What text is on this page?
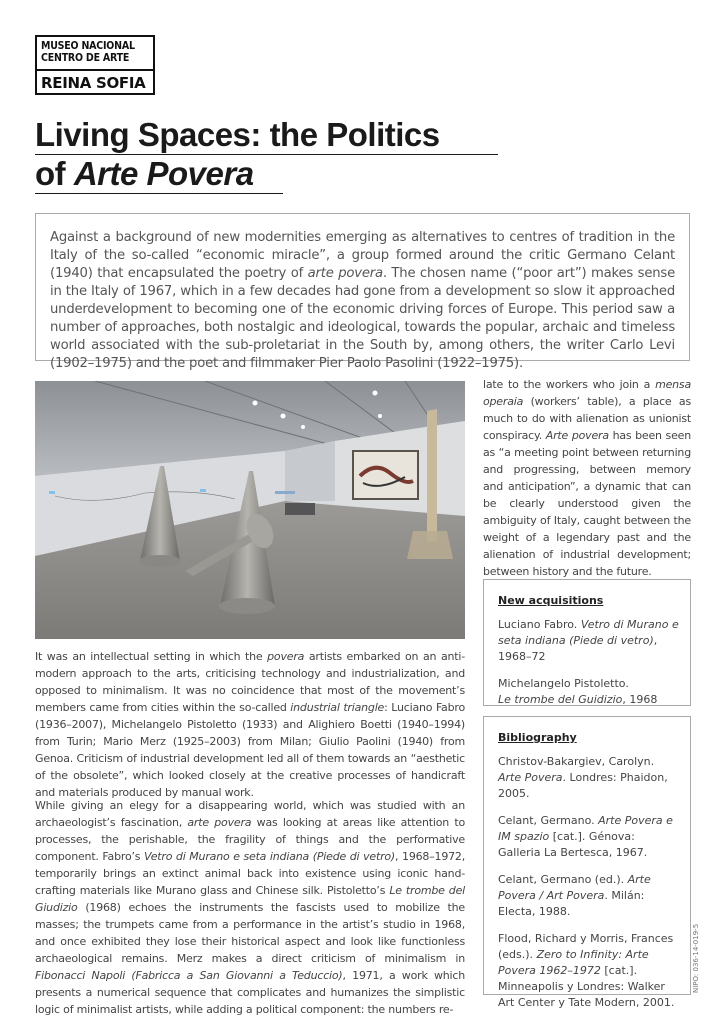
MUSEO NACIONAL
CENTRO DE ARTE
REINA SOFIA
Living Spaces: the Politics
of Arte Povera
Against a background of new modernities emerging as alternatives to centres of tradition in the Italy of the so-called “economic miracle”, a group formed around the critic Germano Celant (1940) that encapsulated the poetry of arte povera. The chosen name (“poor art”) makes sense in the Italy of 1967, which in a few decades had gone from a development so slow it approached underdevelopment to becoming one of the economic driving forces of Europe. This period saw a number of approaches, both nostalgic and ideological, towards the popular, archaic and timeless world associated with the sub-proletariat in the South by, among others, the writer Carlo Levi (1902–1975) and the poet and filmmaker Pier Paolo Pasolini (1922–1975).

It was an intellectual setting in which the povera artists embarked on an anti-modern approach to the arts, criticising technology and industrialization, and opposed to minimalism. It was no coincidence that most of the movement’s members came from cities within the so-called industrial triangle: Luciano Fabro (1936–2007), Michelangelo Pistoletto (1933) and Alighiero Boetti (1940–1994) from Turin; Mario Merz (1925–2003) from Milan; Giulio Paolini (1940) from Genoa. Criticism of industrial development led all of them towards an “aesthetic of the obsolete”, which looked closely at the creative processes of handicraft and materials produced by manual work.

While giving an elegy for a disappearing world, which was studied with an archaeologist’s fascination, arte povera was looking at areas like attention to processes, the perishable, the fragility of things and the performative component. Fabro’s Vetro di Murano e seta indiana (Piede di vetro), 1968–1972, temporarily brings an extinct animal back into existence using iconic hand-crafting materials like Murano glass and Chinese silk. Pistoletto’s Le trombe del Giudizio (1968) echoes the instruments the fascists used to mobilize the masses; the trumpets came from a performance in the artist’s studio in 1968, and once exhibited they lose their historical aspect and look like functionless archaeological remains. Merz makes a direct criticism of minimalism in Fibonacci Napoli (Fabricca a San Giovanni a Teduccio), 1971, a work which presents a numerical sequence that complicates and humanizes the simplistic logic of minimalist artists, while adding a political component: the numbers re-

late to the workers who join a mensa operaia (workers’ table), a place as much to do with alienation as unionist conspiracy. Arte povera has been seen as “a meeting point between returning and progressing, between memory and anticipation”, a dynamic that can be clearly understood given the ambiguity of Italy, caught between the weight of a legendary past and the alienation of industrial development; between history and the future.

New acquisitions
Luciano Fabro. Vetro di Murano e seta indiana (Piede di vetro), 1968–72
Michelangelo Pistoletto.
Le trombe del Guidizio, 1968
Bibliography
Christov-Bakargiev, Carolyn. Arte Povera. Londres: Phaidon, 2005.
Celant, Germano. Arte Povera e IM spazio [cat.]. Génova: Galleria La Bertesca, 1967.
Celant, Germano (ed.). Arte Povera / Art Povera. Milán: Electa, 1988.
Flood, Richard y Morris, Frances (eds.). Zero to Infinity: Arte Povera 1962–1972 [cat.]. Minneapolis y Londres: Walker Art Center y Tate Modern, 2001.
NIPO: 036-14-019-5
